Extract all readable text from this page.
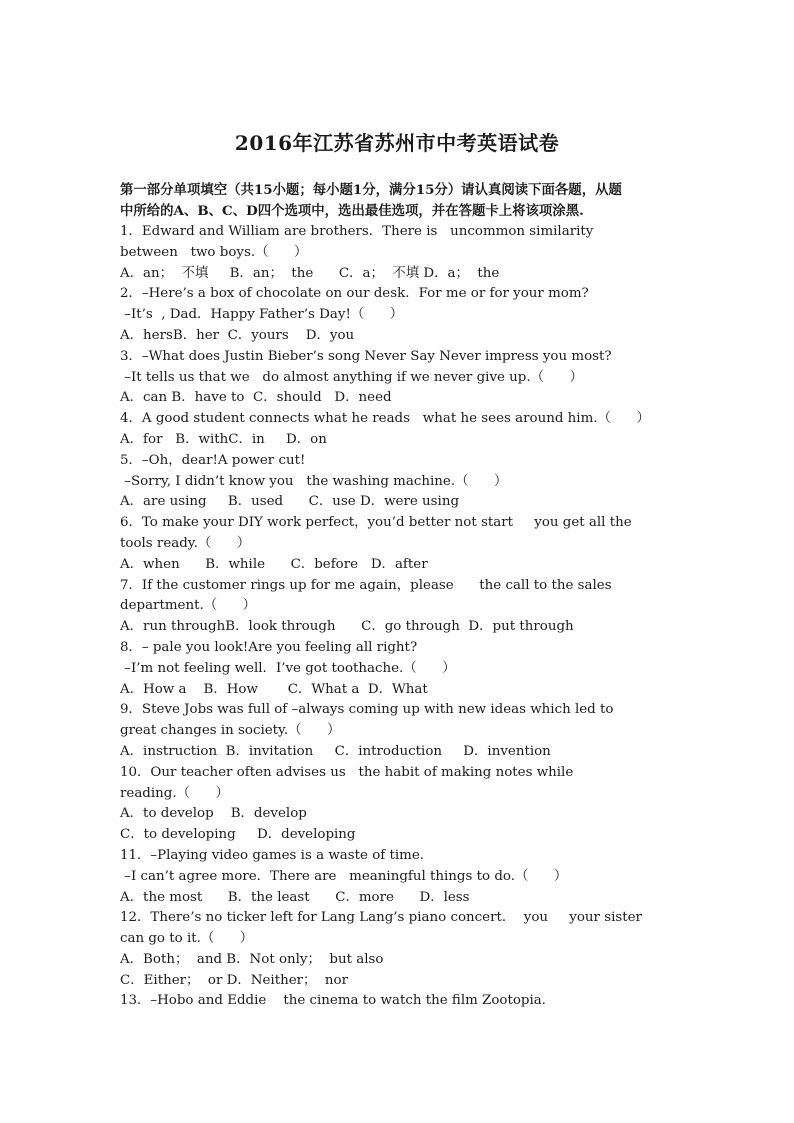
2016年江苏省苏州市中考英语试卷
第一部分单项填空（共15小题；每小题1分，满分15分）请认真阅读下面各题，从题
中所给的A、B、C、D四个选项中，选出最佳选项，并在答题卡上将该项涂黑.
1．Edward and William are brothers．There is   uncommon similarity
between   two boys.（      ）
A．an；  不填     B．an；  the      C．a；  不填 D．a；  the
2．–Here’s a box of chocolate on our desk．For me or for your mom?
–It’s  , Dad．Happy Father’s Day!（      ）
A．hersB．her  C．yours    D．you
3．–What does Justin Bieber’s song Never Say Never impress you most?
–It tells us that we   do almost anything if we never give up.（      ）
A．can B．have to  C．should   D．need
4．A good student connects what he reads   what he sees around him.（      ）
A．for   B．withC．in     D．on
5．–Oh，dear!A power cut!
–Sorry, I didn’t know you   the washing machine.（      ）
A．are using     B．used      C．use D．were using
6．To make your DIY work perfect，you’d better not start     you get all the
tools ready.（      ）
A．when      B．while      C．before   D．after
7．If the customer rings up for me again，please      the call to the sales
department.（      ）
A．run throughB．look through      C．go through  D．put through
8．– pale you look!Are you feeling all right?
–I’m not feeling well．I’ve got toothache.（      ）
A．How a    B．How       C．What a  D．What
9．Steve Jobs was full of –always coming up with new ideas which led to
great changes in society.（      ）
A．instruction  B．invitation     C．introduction     D．invention
10．Our teacher often advises us   the habit of making notes while
reading.（      ）
A．to develop    B．develop
C．to developing     D．developing
11．–Playing video games is a waste of time.
–I can’t agree more．There are   meaningful things to do.（      ）
A．the most      B．the least      C．more      D．less
12．There’s no ticker left for Lang Lang’s piano concert．  you     your sister
can go to it.（      ）
A．Both；  and B．Not only；  but also
C．Either；  or D．Neither；  nor
13．–Hobo and Eddie    the cinema to watch the film Zootopia．
